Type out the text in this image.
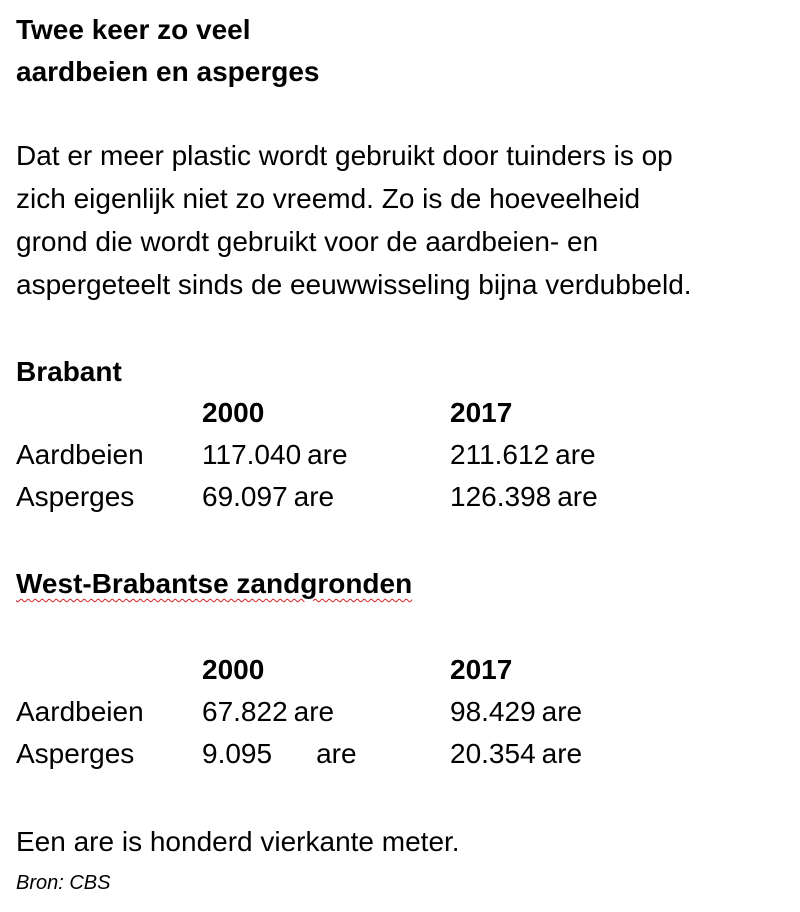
Twee keer zo veel
aardbeien en asperges
Dat er meer plastic wordt gebruikt door tuinders is op
zich eigenlijk niet zo vreemd. Zo is de hoeveelheid
grond die wordt gebruikt voor de aardbeien- en
aspergeteelt sinds de eeuwwisseling bijna verdubbeld.
Brabant
2000	2017
Aardbeien 117.040 are	211.612 are
Asperges 69.097 are	126.398 are
West-Brabantse zandgronden
2000	2017
Aardbeien 67.822 are	98.429 are
Asperges 9.095 are	20.354 are
Een are is honderd vierkante meter.
Bron: CBS
